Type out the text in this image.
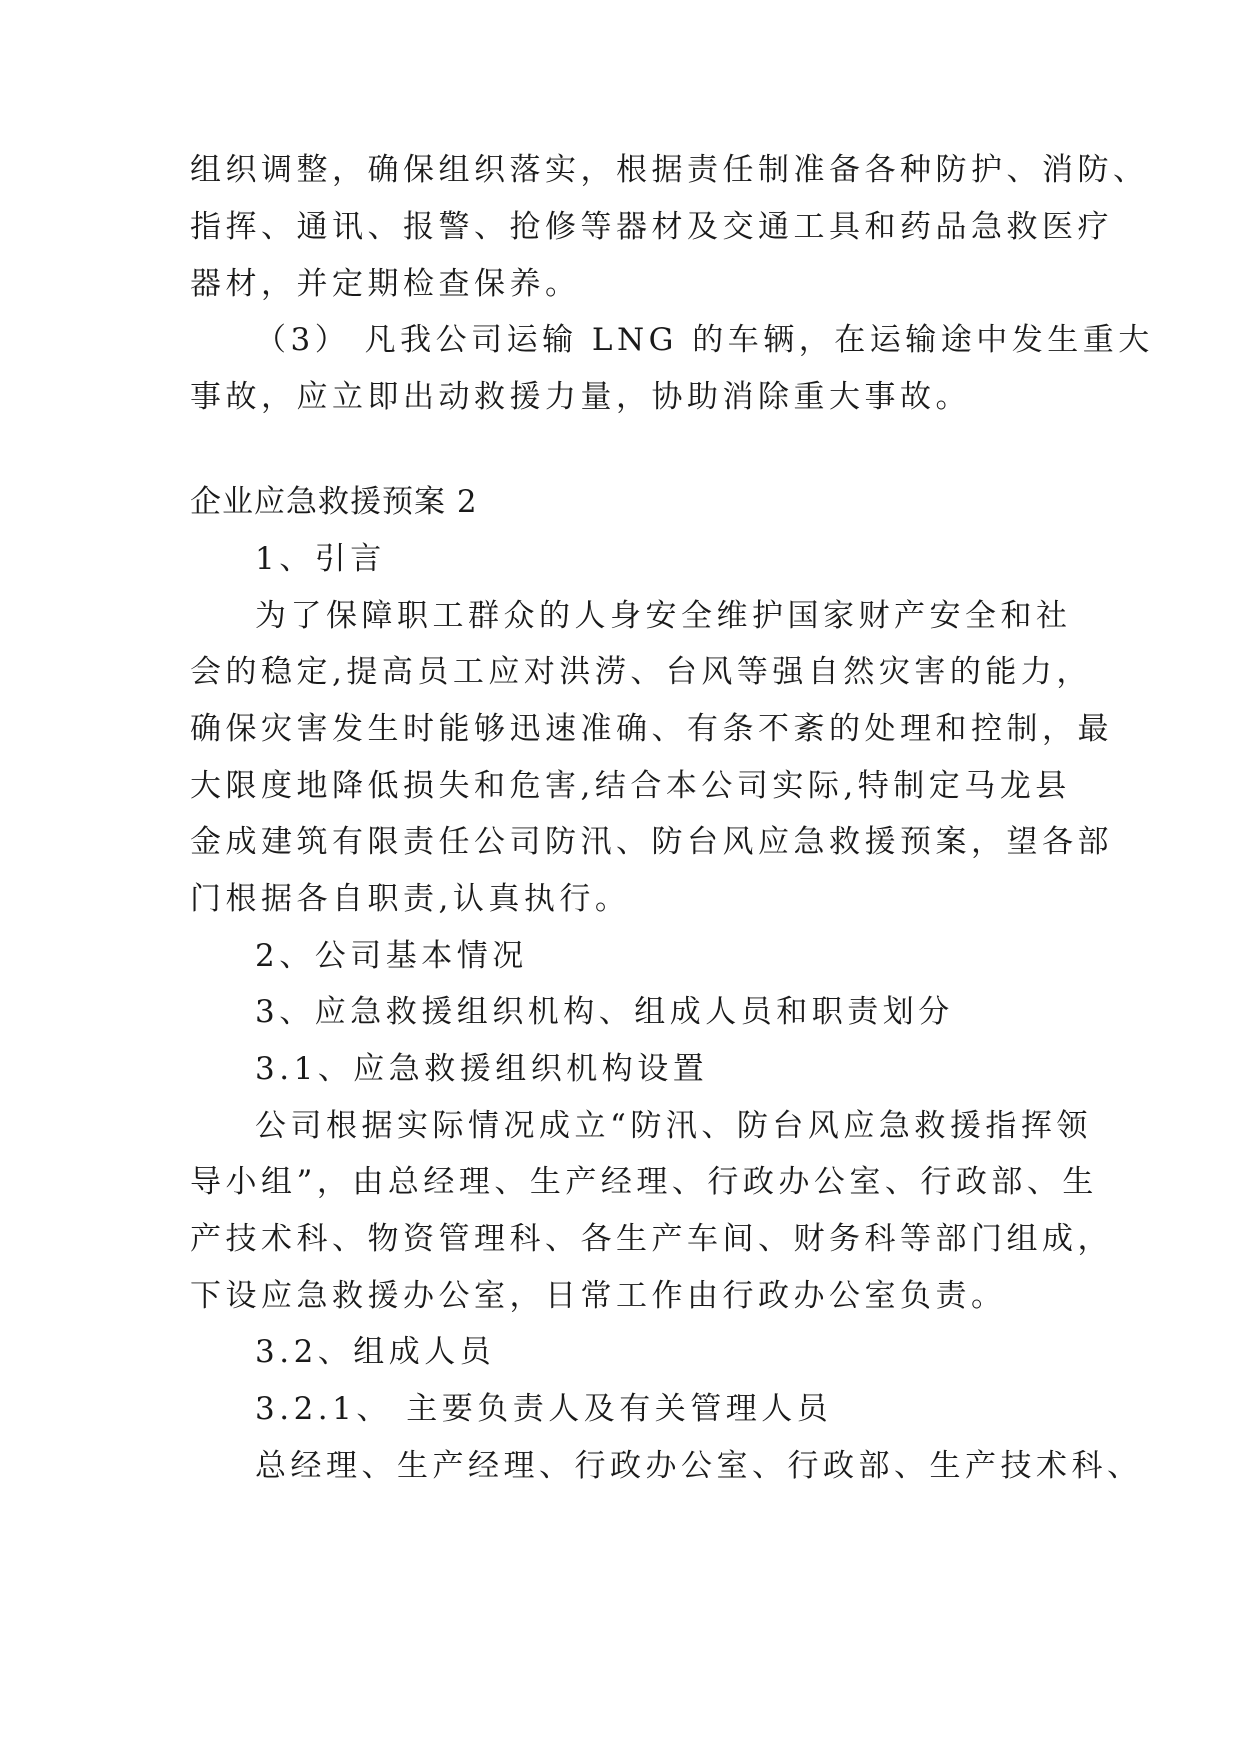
组织调整，确保组织落实，根据责任制准备各种防护、消防、
指挥、通讯、报警、抢修等器材及交通工具和药品急救医疗
器材，并定期检查保养。
（3） 凡我公司运输 LNG 的车辆，在运输途中发生重大
事故，应立即出动救援力量，协助消除重大事故。
企业应急救援预案 2
1、引言
为了保障职工群众的人身安全维护国家财产安全和社
会的稳定,提高员工应对洪涝、台风等强自然灾害的能力，
确保灾害发生时能够迅速准确、有条不紊的处理和控制，最
大限度地降低损失和危害,结合本公司实际,特制定马龙县
金成建筑有限责任公司防汛、防台风应急救援预案，望各部
门根据各自职责,认真执行。
2、公司基本情况
3、应急救援组织机构、组成人员和职责划分
3.1、应急救援组织机构设置
公司根据实际情况成立“防汛、防台风应急救援指挥领
导小组”，由总经理、生产经理、行政办公室、行政部、生
产技术科、物资管理科、各生产车间、财务科等部门组成，
下设应急救援办公室，日常工作由行政办公室负责。
3.2、组成人员
3.2.1、 主要负责人及有关管理人员
总经理、生产经理、行政办公室、行政部、生产技术科、
